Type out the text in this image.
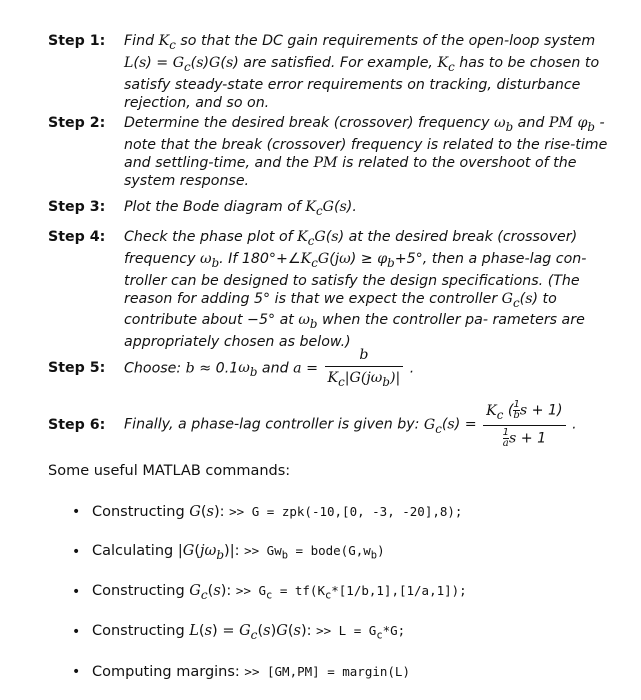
Step 1:	Find $K_c$ so that the DC gain requirements of the open-loop system $L(s) = G_c(s)G(s)$ are satisfied. For example, $K_c$ has to be chosen to satisfy steady-state error requirements on tracking, disturbance rejection, and so on.
Step 2:	Determine the desired break (crossover) frequency $\omega_b$ and PM $\varphi_b$ - note that the break (crossover) frequency is related to the rise-time and settling-time, and the PM is related to the overshoot of the system response.
Step 3:	Plot the Bode diagram of $K_cG(s)$.
Step 4:	Check the phase plot of $K_cG(s)$ at the desired break (crossover) frequency $\omega_b$. If $180^\circ+\angle K_cG(j\omega) \ge \varphi_b+5^\circ$, then a phase-lag con- troller can be designed to satisfy the design specifications. (The reason for adding 5° is that we expect the controller $G_c(s)$ to contribute about −5° at $\omega_b$ when the controller pa- rameters are appropriately chosen as below.)
Step 5:	Choose: $b \approx 0.1\omega_b$ and $a = \frac{b}{K_c|G(j\omega_b)|}$ .
Step 6:	Finally, a phase-lag controller is given by: $G_c(s) = \frac{K_c ( \frac{1}{b} s + 1)}{\frac{1}{a} s + 1}$ .
Some useful MATLAB commands:
• Constructing G(s): >> G = zpk(-10,[0, -3, -20],8);
• Calculating $|G(j\omega_b)|$: >> $Gw_b$ = $bode(G,w_b)$
• Constructing $G_c(s)$: >> $G_c = tf(K_c*[1/b,1],[1/a,1])$;
• Constructing $L(s) = G_c(s)G(s)$: >> $L = G_c*G$;
• Computing margins: >> [GM,PM] = margin(L)
